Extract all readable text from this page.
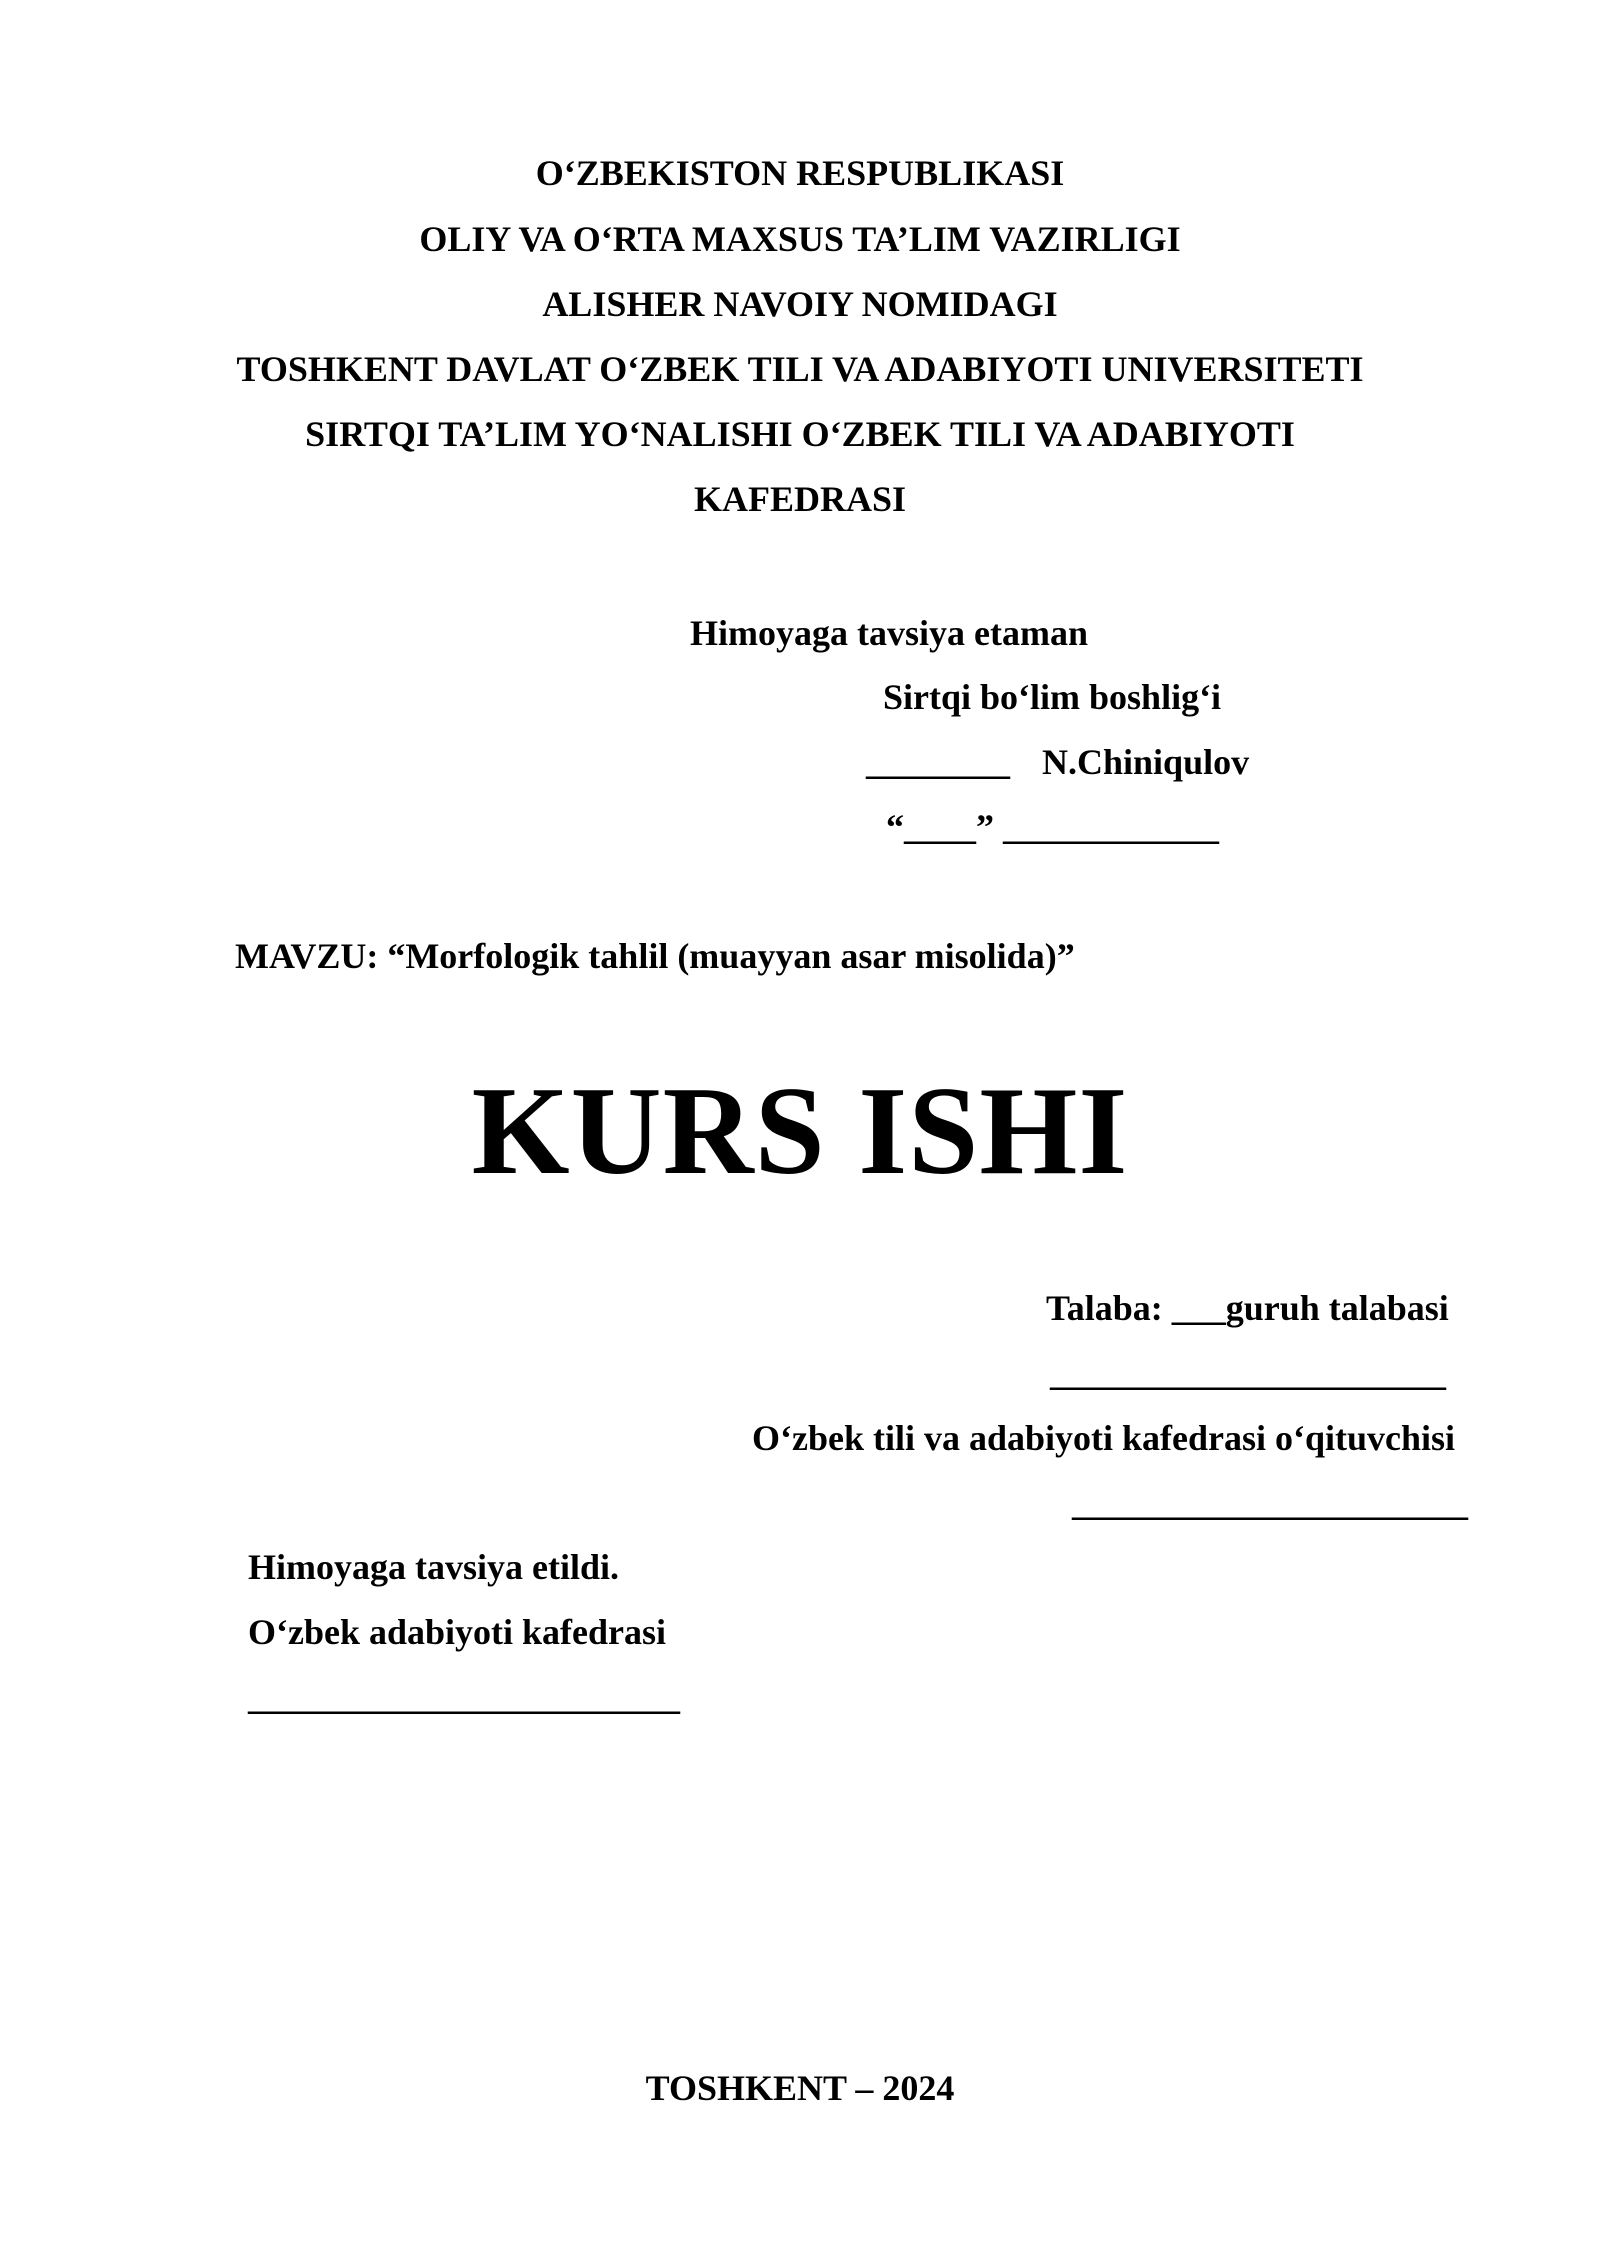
O‘ZBEKISTON RESPUBLIKASI
OLIY VA O‘RTA MAXSUS TA’LIM VAZIRLIGI
ALISHER NAVOIY NOMIDAGI
TOSHKENT DAVLAT O‘ZBEK TILI VA ADABIYOTI UNIVERSITETI
SIRTQI TA’LIM YO‘NALISHI O‘ZBEK TILI VA ADABIYOTI
KAFEDRASI
Himoyaga tavsiya etaman
Sirtqi bo‘lim boshlig‘i
________ N.Chiniqulov
“____” ____________
MAVZU: “Morfologik tahlil (muayyan asar misolida)”
KURS ISHI
Talaba: ___guruh talabasi
______________________
O‘zbek tili va adabiyoti kafedrasi o‘qituvchisi
______________________
Himoyaga tavsiya etildi.
O‘zbek adabiyoti kafedrasi
________________________
TOSHKENT – 2024
